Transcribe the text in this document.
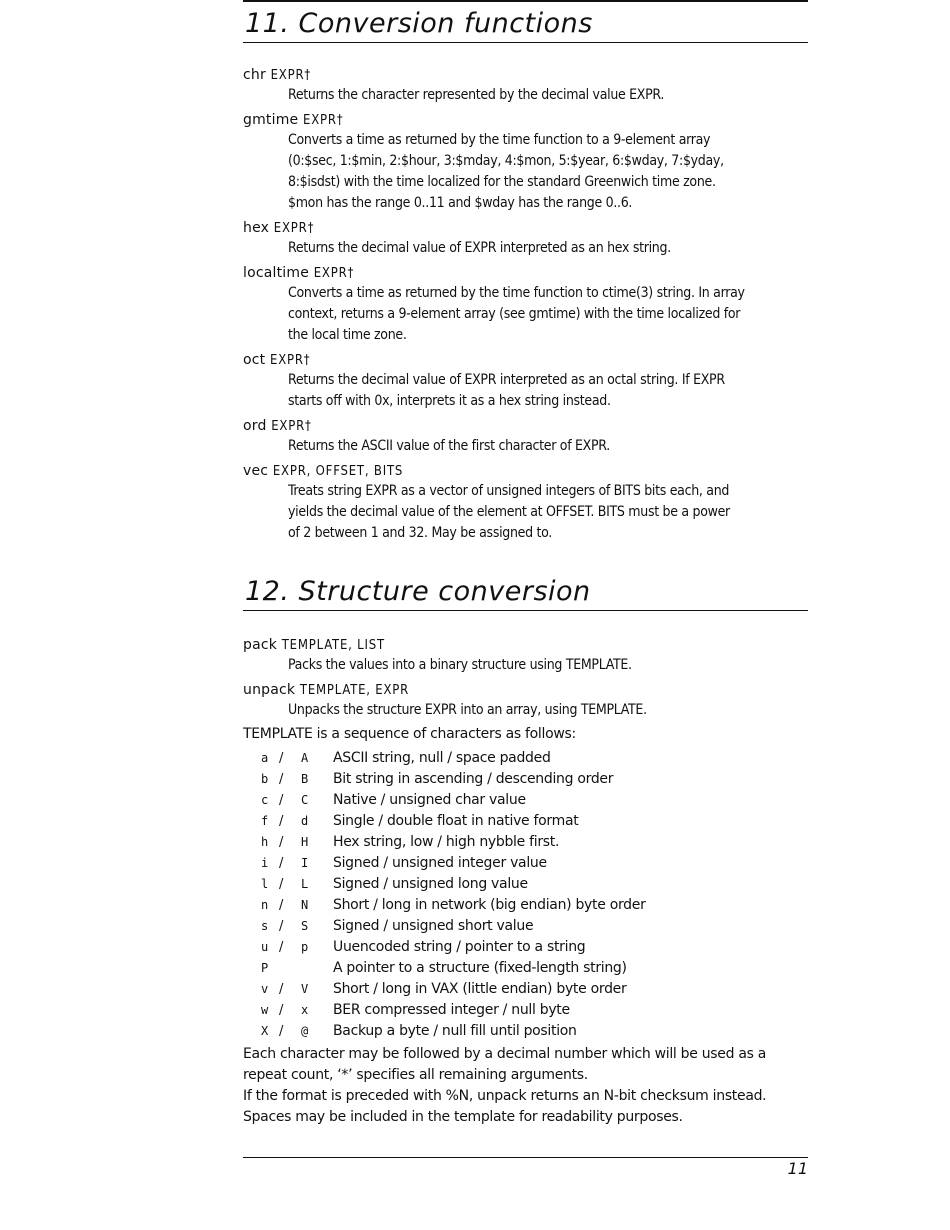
11. Conversion functions
chr EXPR†
Returns the character represented by the decimal value EXPR.
gmtime EXPR†
Converts a time as returned by the time function to a 9-element array
(0:$sec, 1:$min, 2:$hour, 3:$mday, 4:$mon, 5:$year, 6:$wday, 7:$yday,
8:$isdst) with the time localized for the standard Greenwich time zone.
$mon has the range 0..11 and $wday has the range 0..6.
hex EXPR†
Returns the decimal value of EXPR interpreted as an hex string.
localtime EXPR†
Converts a time as returned by the time function to ctime(3) string. In array
context, returns a 9-element array (see gmtime) with the time localized for
the local time zone.
oct EXPR†
Returns the decimal value of EXPR interpreted as an octal string. If EXPR
starts off with 0x, interprets it as a hex string instead.
ord EXPR†
Returns the ASCII value of the first character of EXPR.
vec EXPR, OFFSET, BITS
Treats string EXPR as a vector of unsigned integers of BITS bits each, and
yields the decimal value of the element at OFFSET. BITS must be a power
of 2 between 1 and 32. May be assigned to.
12. Structure conversion
pack TEMPLATE, LIST
Packs the values into a binary structure using TEMPLATE.
unpack TEMPLATE, EXPR
Unpacks the structure EXPR into an array, using TEMPLATE.
TEMPLATE is a sequence of characters as follows:
a	/	A	ASCII string, null / space padded
b	/	B	Bit string in ascending / descending order
c	/	C	Native / unsigned char value
f	/	d	Single / double float in native format
h	/	H	Hex string, low / high nybble first.
i	/	I	Signed / unsigned integer value
l	/	L	Signed / unsigned long value
n	/	N	Short / long in network (big endian) byte order
s	/	S	Signed / unsigned short value
u	/	p	Uuencoded string / pointer to a string
P			A pointer to a structure (fixed-length string)
v	/	V	Short / long in VAX (little endian) byte order
w	/	x	BER compressed integer / null byte
X	/	@	Backup a byte / null fill until position
Each character may be followed by a decimal number which will be used as a
repeat count, ‘*’ specifies all remaining arguments.
If the format is preceded with %N, unpack returns an N-bit checksum instead.
Spaces may be included in the template for readability purposes.
11
